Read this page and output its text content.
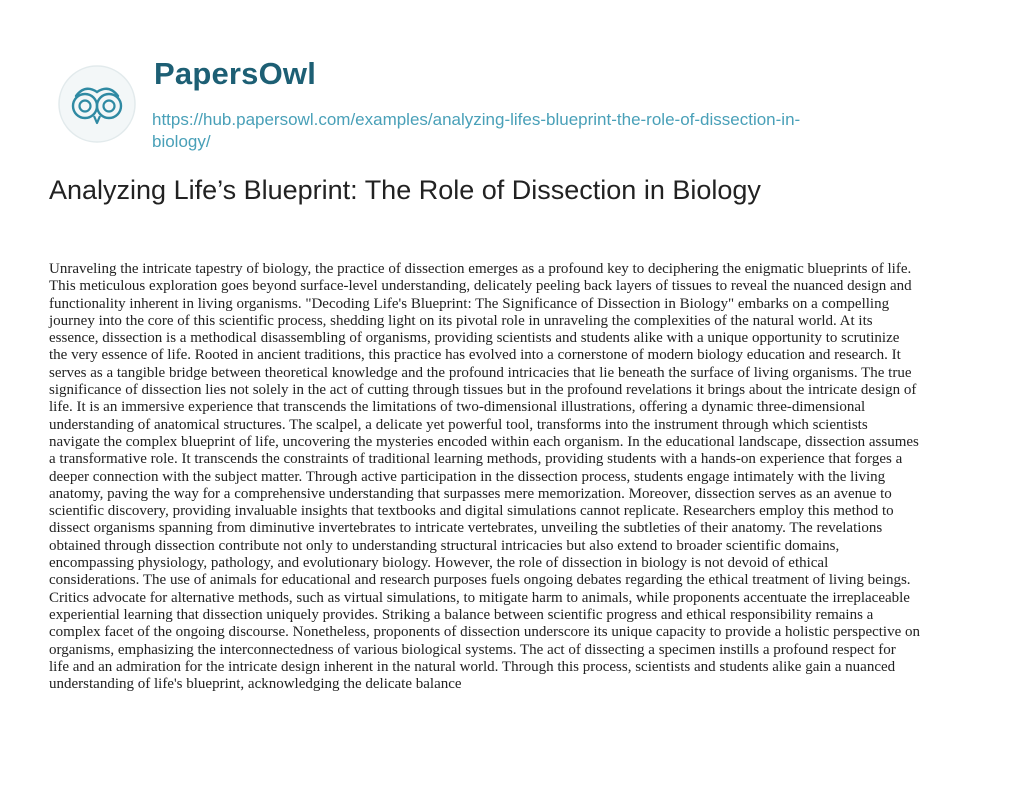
PapersOwl
https://hub.papersowl.com/examples/analyzing-lifes-blueprint-the-role-of-dissection-in-
biology/
Analyzing Life’s Blueprint: The Role of Dissection in Biology
Unraveling the intricate tapestry of biology, the practice of dissection emerges as a profound key to deciphering the enigmatic blueprints of life.
This meticulous exploration goes beyond surface-level understanding, delicately peeling back layers of tissues to reveal the nuanced design and
functionality inherent in living organisms. "Decoding Life's Blueprint: The Significance of Dissection in Biology" embarks on a compelling
journey into the core of this scientific process, shedding light on its pivotal role in unraveling the complexities of the natural world. At its
essence, dissection is a methodical disassembling of organisms, providing scientists and students alike with a unique opportunity to scrutinize
the very essence of life. Rooted in ancient traditions, this practice has evolved into a cornerstone of modern biology education and research. It
serves as a tangible bridge between theoretical knowledge and the profound intricacies that lie beneath the surface of living organisms. The true
significance of dissection lies not solely in the act of cutting through tissues but in the profound revelations it brings about the intricate design of
life. It is an immersive experience that transcends the limitations of two-dimensional illustrations, offering a dynamic three-dimensional
understanding of anatomical structures. The scalpel, a delicate yet powerful tool, transforms into the instrument through which scientists
navigate the complex blueprint of life, uncovering the mysteries encoded within each organism. In the educational landscape, dissection assumes
a transformative role. It transcends the constraints of traditional learning methods, providing students with a hands-on experience that forges a
deeper connection with the subject matter. Through active participation in the dissection process, students engage intimately with the living
anatomy, paving the way for a comprehensive understanding that surpasses mere memorization. Moreover, dissection serves as an avenue to
scientific discovery, providing invaluable insights that textbooks and digital simulations cannot replicate. Researchers employ this method to
dissect organisms spanning from diminutive invertebrates to intricate vertebrates, unveiling the subtleties of their anatomy. The revelations
obtained through dissection contribute not only to understanding structural intricacies but also extend to broader scientific domains,
encompassing physiology, pathology, and evolutionary biology. However, the role of dissection in biology is not devoid of ethical
considerations. The use of animals for educational and research purposes fuels ongoing debates regarding the ethical treatment of living beings.
Critics advocate for alternative methods, such as virtual simulations, to mitigate harm to animals, while proponents accentuate the irreplaceable
experiential learning that dissection uniquely provides. Striking a balance between scientific progress and ethical responsibility remains a
complex facet of the ongoing discourse. Nonetheless, proponents of dissection underscore its unique capacity to provide a holistic perspective on
organisms, emphasizing the interconnectedness of various biological systems. The act of dissecting a specimen instills a profound respect for
life and an admiration for the intricate design inherent in the natural world. Through this process, scientists and students alike gain a nuanced
understanding of life's blueprint, acknowledging the delicate balance
